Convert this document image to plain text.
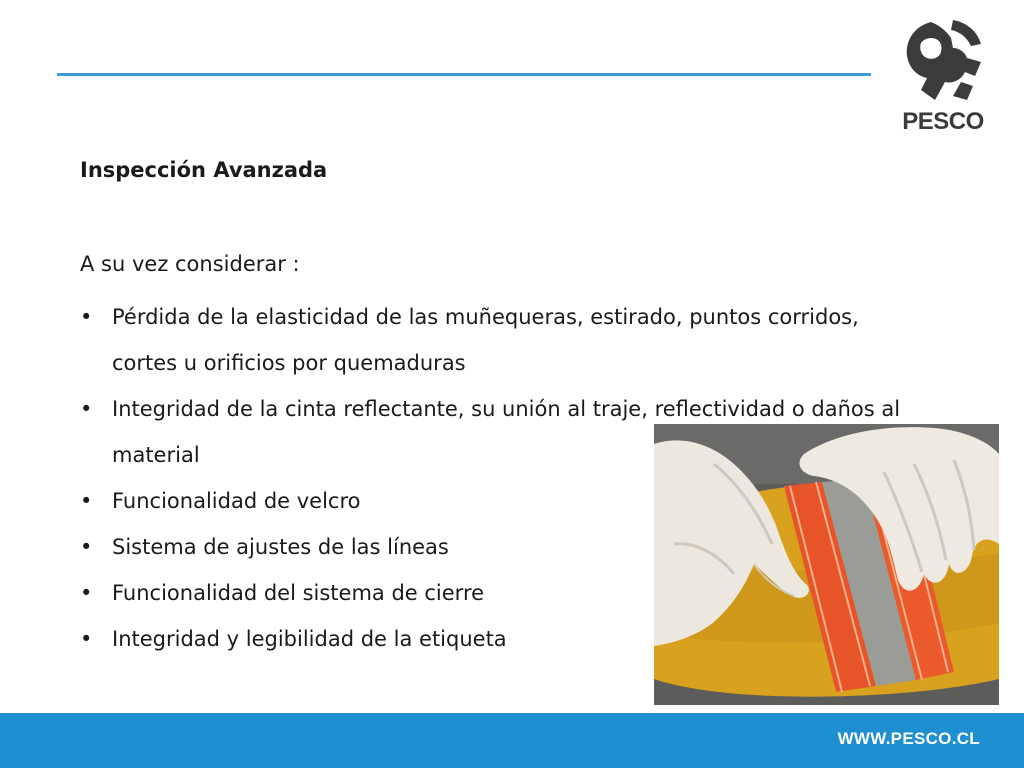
PESCO
Inspección Avanzada

A su vez considerar :

• Pérdida de la elasticidad de las muñequeras, estirado, puntos corridos, cortes u orificios por quemaduras
• Integridad de la cinta reflectante, su unión al traje, reflectividad o daños al material
• Funcionalidad de velcro
• Sistema de ajustes de las líneas
• Funcionalidad del sistema de cierre
• Integridad y legibilidad de la etiqueta
WWW.PESCO.CL
